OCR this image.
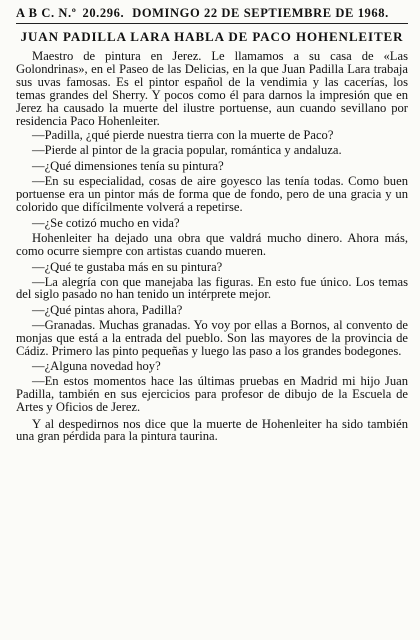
A B C. N.º 20.296. DOMINGO 22 DE SEPTIEMBRE DE 1968.
JUAN PADILLA LARA HABLA DE PACO HOHENLEITER

Maestro de pintura en Jerez. Le llamamos a su casa de «Las Golondrinas», en el Paseo de las Delicias, en la que Juan Padilla Lara trabaja sus uvas famosas. Es el pintor español de la vendimia y las cacerías, los temas grandes del Sherry. Y pocos como él para darnos la impresión que en Jerez ha causado la muerte del ilustre portuense, aun cuando sevillano por residencia Paco Hohenleiter.

—Padilla, ¿qué pierde nuestra tierra con la muerte de Paco?

—Pierde al pintor de la gracia popular, romántica y andaluza.

—¿Qué dimensiones tenía su pintura?

—En su especialidad, cosas de aire goyesco las tenía todas. Como buen portuense era un pintor más de forma que de fondo, pero de una gracia y un colorido que difícilmente volverá a repetirse.

—¿Se cotizó mucho en vida?

Hohenleiter ha dejado una obra que valdrá mucho dinero. Ahora más, como ocurre siempre con artistas cuando mueren.

—¿Qué te gustaba más en su pintura?

—La alegría con que manejaba las figuras. En esto fue único. Los temas del siglo pasado no han tenido un intérprete mejor.

—¿Qué pintas ahora, Padilla?

—Granadas. Muchas granadas. Yo voy por ellas a Bornos, al convento de monjas que está a la entrada del pueblo. Son las mayores de la provincia de Cádiz. Primero las pinto pequeñas y luego las paso a los grandes bodegones.

—¿Alguna novedad hoy?

—En estos momentos hace las últimas pruebas en Madrid mi hijo Juan Padilla, también en sus ejercicios para profesor de dibujo de la Escuela de Artes y Oficios de Jerez.

Y al despedirnos nos dice que la muerte de Hohenleiter ha sido también una gran pérdida para la pintura taurina.
